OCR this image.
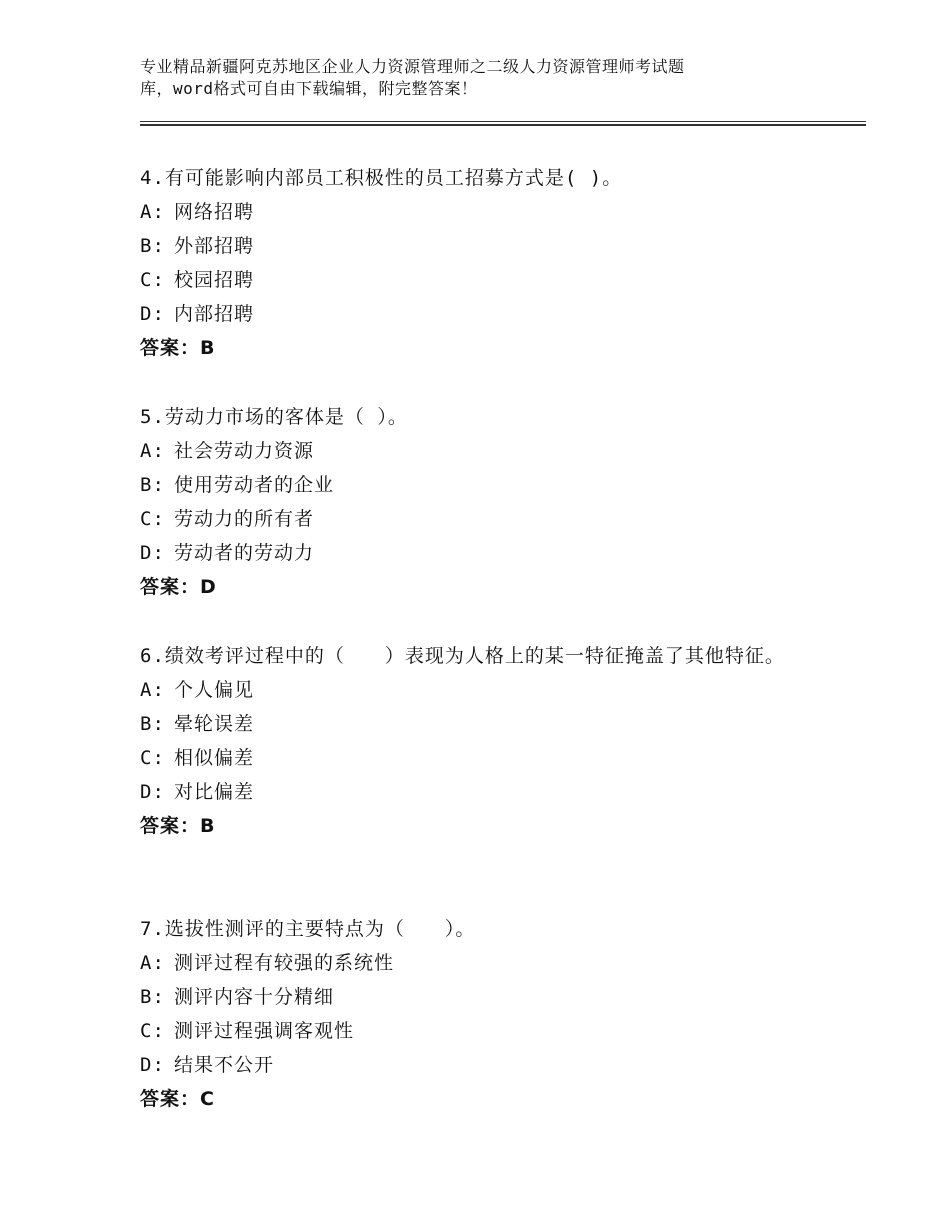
专业精品新疆阿克苏地区企业人力资源管理师之二级人力资源管理师考试题
库，word格式可自由下载编辑，附完整答案！
4.有可能影响内部员工积极性的员工招募方式是( )。
A: 网络招聘
B: 外部招聘
C: 校园招聘
D: 内部招聘
答案：B
5.劳动力市场的客体是（ ）。
A: 社会劳动力资源
B: 使用劳动者的企业
C: 劳动力的所有者
D: 劳动者的劳动力
答案：D
6.绩效考评过程中的（　　）表现为人格上的某一特征掩盖了其他特征。
A: 个人偏见
B: 晕轮误差
C: 相似偏差
D: 对比偏差
答案：B
7.选拔性测评的主要特点为（　　）。
A: 测评过程有较强的系统性
B: 测评内容十分精细
C: 测评过程强调客观性
D: 结果不公开
答案：C
